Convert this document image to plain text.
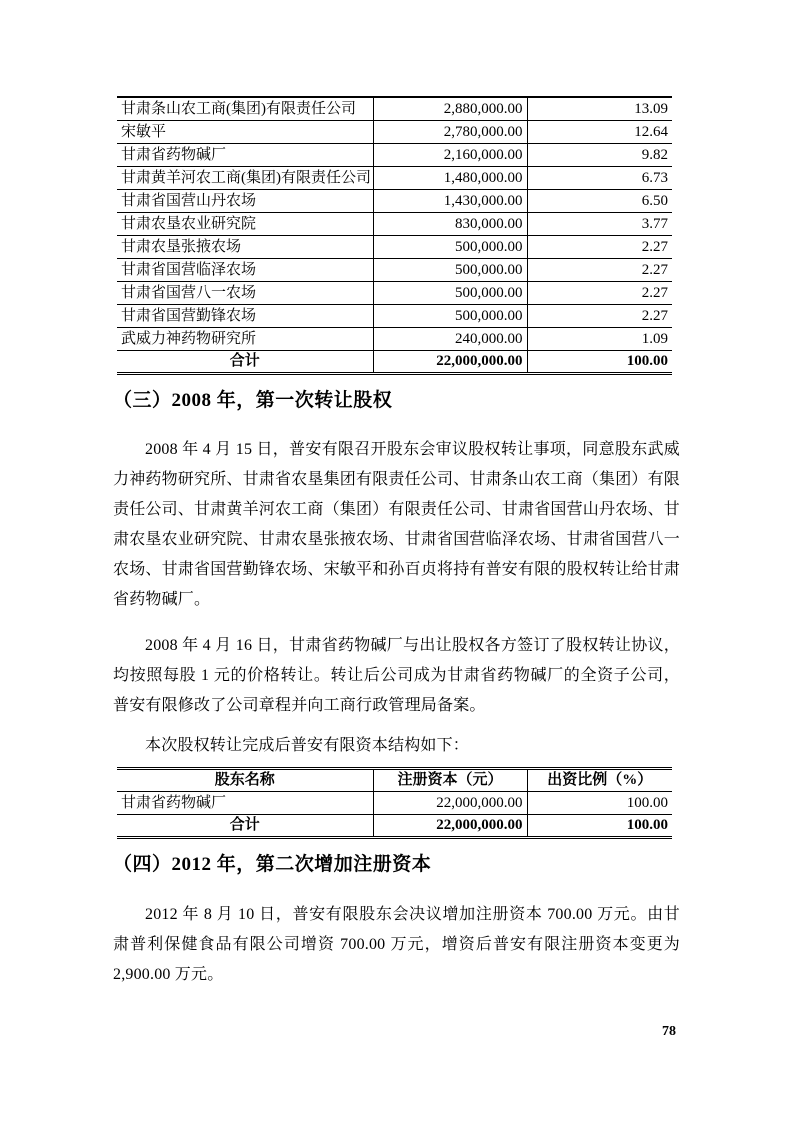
甘肃条山农工商(集团)有限责任公司	2,880,000.00	13.09
宋敏平	2,780,000.00	12.64
甘肃省药物碱厂	2,160,000.00	9.82
甘肃黄羊河农工商(集团)有限责任公司	1,480,000.00	6.73
甘肃省国营山丹农场	1,430,000.00	6.50
甘肃农垦农业研究院	830,000.00	3.77
甘肃农垦张掖农场	500,000.00	2.27
甘肃省国营临泽农场	500,000.00	2.27
甘肃省国营八一农场	500,000.00	2.27
甘肃省国营勤锋农场	500,000.00	2.27
武威力神药物研究所	240,000.00	1.09
合计	22,000,000.00	100.00
（三）2008 年，第一次转让股权

2008 年 4 月 15 日，普安有限召开股东会审议股权转让事项，同意股东武威力神药物研究所、甘肃省农垦集团有限责任公司、甘肃条山农工商（集团）有限责任公司、甘肃黄羊河农工商（集团）有限责任公司、甘肃省国营山丹农场、甘肃农垦农业研究院、甘肃农垦张掖农场、甘肃省国营临泽农场、甘肃省国营八一农场、甘肃省国营勤锋农场、宋敏平和孙百贞将持有普安有限的股权转让给甘肃省药物碱厂。

2008 年 4 月 16 日，甘肃省药物碱厂与出让股权各方签订了股权转让协议，均按照每股 1 元的价格转让。转让后公司成为甘肃省药物碱厂的全资子公司，普安有限修改了公司章程并向工商行政管理局备案。

本次股权转让完成后普安有限资本结构如下：

股东名称	注册资本（元）	出资比例（%）
甘肃省药物碱厂	22,000,000.00	100.00
合计	22,000,000.00	100.00
（四）2012 年，第二次增加注册资本

2012 年 8 月 10 日，普安有限股东会决议增加注册资本 700.00 万元。由甘肃普利保健食品有限公司增资 700.00 万元，增资后普安有限注册资本变更为 2,900.00 万元。

78
